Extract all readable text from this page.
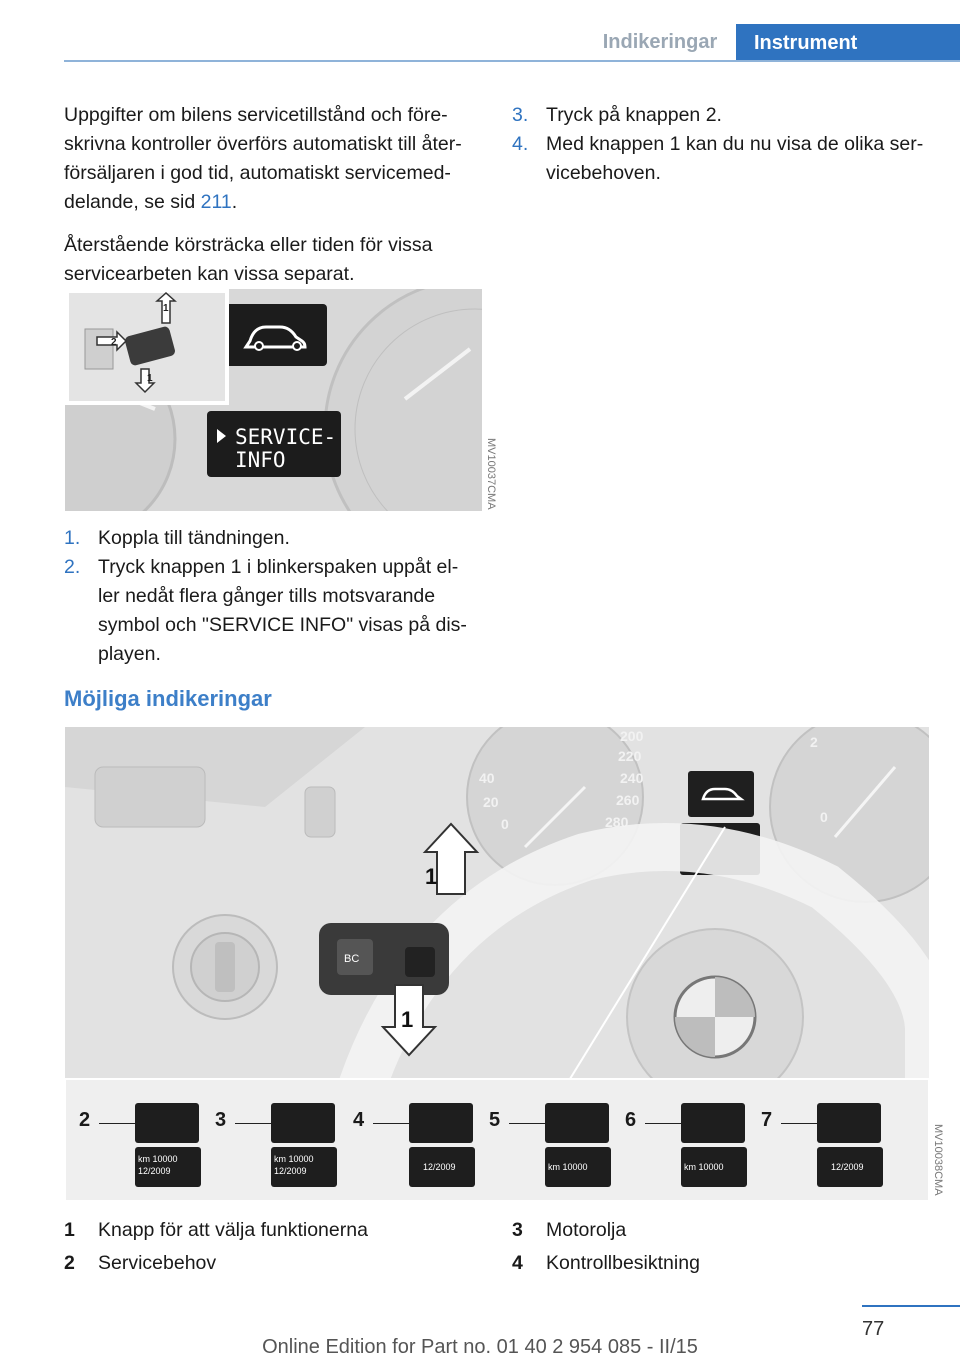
Indikeringar	Instrument

Uppgifter om bilens servicetillstånd och före-
skrivna kontroller överförs automatiskt till åter-
försäljaren i god tid, automatiskt servicemed-
delande, se sid 211.

Återstående körsträcka eller tiden för vissa
servicearbeten kan vissa separat.

SERVICE-
INFO
1
2
1
MV10037CMA
1. Koppla till tändningen.
2. Tryck knappen 1 i blinkerspaken uppåt el-
ler nedåt flera gånger tills motsvarande
symbol och "SERVICE INFO" visas på dis-
playen.
3. Tryck på knappen 2.
4. Med knappen 1 kan du nu visa de olika ser-
vicebehoven.
Möjliga indikeringar
200
220
240
260
280
40
20
0
2
0
BC
1
1
2
km 10000
12/2009
3
km 10000
12/2009
4
12/2009
5
km 10000
6
km 10000
7
12/2009	MV10038CMA
1	Knapp för att välja funktionerna
2	Servicebehov
3	Motorolja
4	Kontrollbesiktning
77
Online Edition for Part no. 01 40 2 954 085 - II/15
